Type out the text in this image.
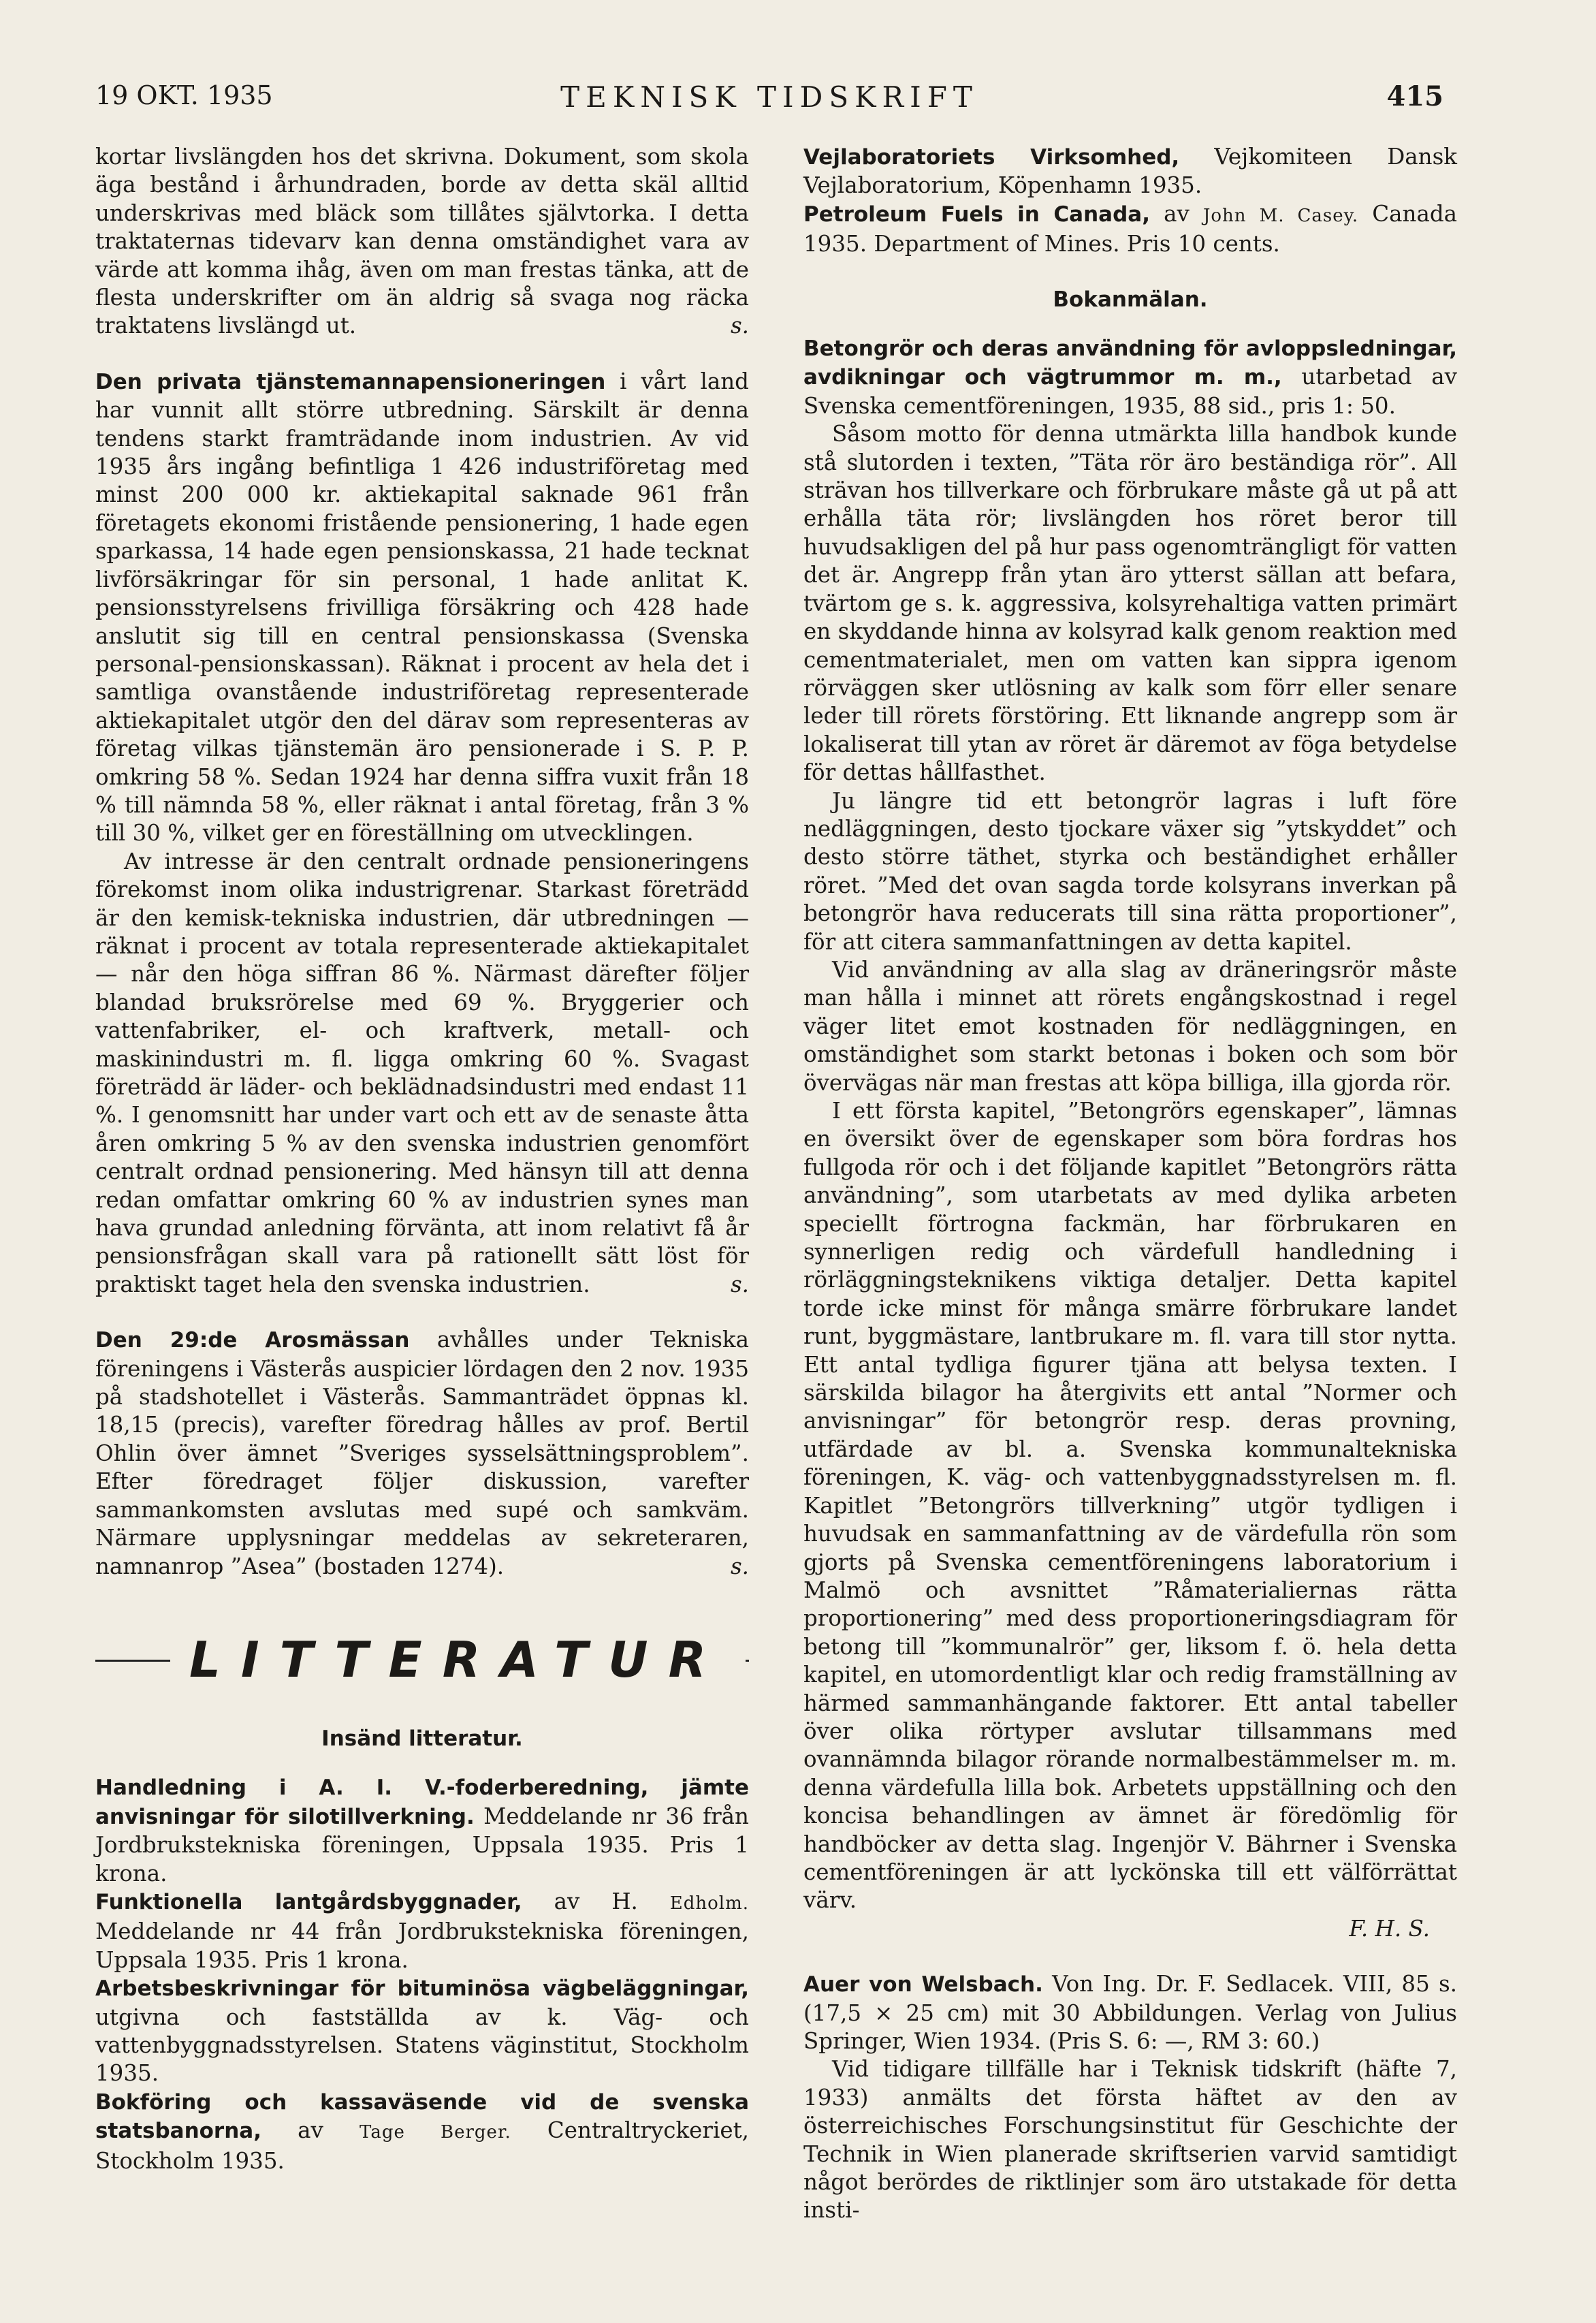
19 OKT. 1935	TEKNISK TIDSKRIFT	415

kortar livslängden hos det skrivna. Dokument, som skola äga bestånd i århundraden, borde av detta skäl alltid underskrivas med bläck som tillåtes självtorka. I detta traktaternas tidevarv kan denna omständighet vara av värde att komma ihåg, även om man frestas tänka, att de flesta underskrifter om än aldrig så svaga nog räcka traktatens livslängd ut.	s.

Den privata tjänstemannapensioneringen i vårt land har vunnit allt större utbredning. Särskilt är denna tendens starkt framträdande inom industrien. Av vid 1935 års ingång befintliga 1 426 industriföretag med minst 200 000 kr. aktiekapital saknade 961 från företagets ekonomi fristående pensionering, 1 hade egen sparkassa, 14 hade egen pensionskassa, 21 hade tecknat livförsäkringar för sin personal, 1 hade anlitat K. pensionsstyrelsens frivilliga försäkring och 428 hade anslutit sig till en central pensionskassa (Svenska personal-pensionskassan). Räknat i procent av hela det i samtliga ovanstående industriföretag representerade aktiekapitalet utgör den del därav som representeras av företag vilkas tjänstemän äro pensionerade i S. P. P. omkring 58 %. Sedan 1924 har denna siffra vuxit från 18 % till nämnda 58 %, eller räknat i antal företag, från 3 % till 30 %, vilket ger en föreställning om utvecklingen.

Av intresse är den centralt ordnade pensioneringens förekomst inom olika industrigrenar. Starkast företrädd är den kemisk-tekniska industrien, där utbredningen — räknat i procent av totala representerade aktiekapitalet — når den höga siffran 86 %. Närmast därefter följer blandad bruksrörelse med 69 %. Bryggerier och vattenfabriker, el- och kraftverk, metall- och maskinindustri m. fl. ligga omkring 60 %. Svagast företrädd är läder- och beklädnadsindustri med endast 11 %. I genomsnitt har under vart och ett av de senaste åtta åren omkring 5 % av den svenska industrien genomfört centralt ordnad pensionering. Med hänsyn till att denna redan omfattar omkring 60 % av industrien synes man hava grundad anledning förvänta, att inom relativt få år pensionsfrågan skall vara på rationellt sätt löst för praktiskt taget hela den svenska industrien.	s.

Den 29:de Arosmässan avhålles under Tekniska föreningens i Västerås auspicier lördagen den 2 nov. 1935 på stadshotellet i Västerås. Sammanträdet öppnas kl. 18,15 (precis), varefter föredrag hålles av prof. Bertil Ohlin över ämnet ”Sveriges sysselsättningsproblem”. Efter föredraget följer diskussion, varefter sammankomsten avslutas med supé och samkväm. Närmare upplysningar meddelas av sekreteraren, namnanrop ”Asea” (bostaden 1274).	s.

LITTERATUR

Insänd litteratur.

Handledning i A. I. V.-foderberedning, jämte anvisningar för silotillverkning. Meddelande nr 36 från Jordbrukstekniska föreningen, Uppsala 1935. Pris 1 krona.

Funktionella lantgårdsbyggnader, av H. Edholm. Meddelande nr 44 från Jordbrukstekniska föreningen, Uppsala 1935. Pris 1 krona.

Arbetsbeskrivningar för bituminösa vägbeläggningar, utgivna och fastställda av k. Väg- och vattenbyggnadsstyrelsen. Statens väginstitut, Stockholm 1935.

Bokföring och kassaväsende vid de svenska statsbanorna, av Tage Berger. Centraltryckeriet, Stockholm 1935.

Vejlaboratoriets Virksomhed, Vejkomiteen Dansk Vejlaboratorium, Köpenhamn 1935.

Petroleum Fuels in Canada, av John M. Casey. Canada 1935. Department of Mines. Pris 10 cents.

Bokanmälan.

Betongrör och deras användning för avloppsledningar, avdikningar och vägtrummor m. m., utarbetad av Svenska cementföreningen, 1935, 88 sid., pris 1: 50.

Såsom motto för denna utmärkta lilla handbok kunde stå slutorden i texten, ”Täta rör äro beständiga rör”. All strävan hos tillverkare och förbrukare måste gå ut på att erhålla täta rör; livslängden hos röret beror till huvudsakligen del på hur pass ogenomträngligt för vatten det är. Angrepp från ytan äro ytterst sällan att befara, tvärtom ge s. k. aggressiva, kolsyrehaltiga vatten primärt en skyddande hinna av kolsyrad kalk genom reaktion med cementmaterialet, men om vatten kan sippra igenom rörväggen sker utlösning av kalk som förr eller senare leder till rörets förstöring. Ett liknande angrepp som är lokaliserat till ytan av röret är däremot av föga betydelse för dettas hållfasthet.

Ju längre tid ett betongrör lagras i luft före nedläggningen, desto tjockare växer sig ”ytskyddet” och desto större täthet, styrka och beständighet erhåller röret. ”Med det ovan sagda torde kolsyrans inverkan på betongrör hava reducerats till sina rätta proportioner”, för att citera sammanfattningen av detta kapitel.

Vid användning av alla slag av dräneringsrör måste man hålla i minnet att rörets engångskostnad i regel väger litet emot kostnaden för nedläggningen, en omständighet som starkt betonas i boken och som bör övervägas när man frestas att köpa billiga, illa gjorda rör.

I ett första kapitel, ”Betongrörs egenskaper”, lämnas en översikt över de egenskaper som böra fordras hos fullgoda rör och i det följande kapitlet ”Betongrörs rätta användning”, som utarbetats av med dylika arbeten speciellt förtrogna fackmän, har förbrukaren en synnerligen redig och värdefull handledning i rörläggningsteknikens viktiga detaljer. Detta kapitel torde icke minst för många smärre förbrukare landet runt, byggmästare, lantbrukare m. fl. vara till stor nytta. Ett antal tydliga figurer tjäna att belysa texten. I särskilda bilagor ha återgivits ett antal ”Normer och anvisningar” för betongrör resp. deras provning, utfärdade av bl. a. Svenska kommunaltekniska föreningen, K. väg- och vattenbyggnadsstyrelsen m. fl. Kapitlet ”Betongrörs tillverkning” utgör tydligen i huvudsak en sammanfattning av de värdefulla rön som gjorts på Svenska cementföreningens laboratorium i Malmö och avsnittet ”Råmaterialiernas rätta proportionering” med dess proportioneringsdiagram för betong till ”kommunalrör” ger, liksom f. ö. hela detta kapitel, en utomordentligt klar och redig framställning av härmed sammanhängande faktorer. Ett antal tabeller över olika rörtyper avslutar tillsammans med ovannämnda bilagor rörande normalbestämmelser m. m. denna värdefulla lilla bok. Arbetets uppställning och den koncisa behandlingen av ämnet är föredömlig för handböcker av detta slag. Ingenjör V. Bährner i Svenska cementföreningen är att lyckönska till ett välförrättat värv.

F. H. S.

Auer von Welsbach. Von Ing. Dr. F. Sedlacek. VIII, 85 s. (17,5 × 25 cm) mit 30 Abbildungen. Verlag von Julius Springer, Wien 1934. (Pris S. 6: —, RM 3: 60.)

Vid tidigare tillfälle har i Teknisk tidskrift (häfte 7, 1933) anmälts det första häftet av den av österreichisches Forschungsinstitut für Geschichte der Technik in Wien planerade skriftserien varvid samtidigt något berördes de riktlinjer som äro utstakade för detta insti-
